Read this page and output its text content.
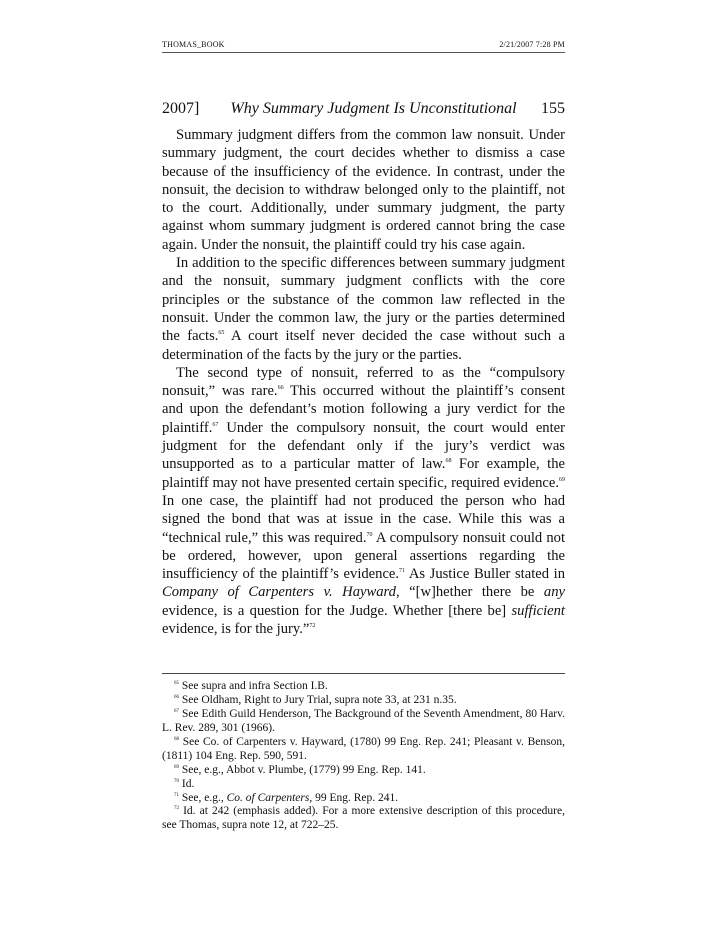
THOMAS_BOOK	2/21/2007 7:28 PM
2007]	Why Summary Judgment Is Unconstitutional	155

Summary judgment differs from the common law nonsuit. Under summary judgment, the court decides whether to dismiss a case because of the insufficiency of the evidence. In contrast, under the nonsuit, the decision to withdraw belonged only to the plaintiff, not to the court. Additionally, under summary judgment, the party against whom summary judgment is ordered cannot bring the case again. Under the nonsuit, the plaintiff could try his case again.

In addition to the specific differences between summary judgment and the nonsuit, summary judgment conflicts with the core principles or the substance of the common law reflected in the nonsuit. Under the common law, the jury or the parties determined the facts.$^{65}$ A court itself never decided the case without such a determination of the facts by the jury or the parties.

The second type of nonsuit, referred to as the “compulsory nonsuit,” was rare.$^{66}$ This occurred without the plaintiff’s consent and upon the defendant’s motion following a jury verdict for the plaintiff.$^{67}$ Under the compulsory nonsuit, the court would enter judgment for the defendant only if the jury’s verdict was unsupported as to a particular matter of law.$^{68}$ For example, the plaintiff may not have presented certain specific, required evidence.$^{69}$ In one case, the plaintiff had not produced the person who had signed the bond that was at issue in the case. While this was a “technical rule,” this was required.$^{70}$ A compulsory nonsuit could not be ordered, however, upon general assertions regarding the insufficiency of the plaintiff’s evidence.$^{71}$ As Justice Buller stated in Company of Carpenters v. Hayward, “[w]hether there be any evidence, is a question for the Judge. Whether [there be] sufficient evidence, is for the jury.”$^{72}$

$^{65}$ See supra and infra Section I.B.

$^{66}$ See Oldham, Right to Jury Trial, supra note 33, at 231 n.35.

$^{67}$ See Edith Guild Henderson, The Background of the Seventh Amendment, 80 Harv. L. Rev. 289, 301 (1966).

$^{68}$ See Co. of Carpenters v. Hayward, (1780) 99 Eng. Rep. 241; Pleasant v. Benson, (1811) 104 Eng. Rep. 590, 591.

$^{69}$ See, e.g., Abbot v. Plumbe, (1779) 99 Eng. Rep. 141.

$^{70}$ Id.

$^{71}$ See, e.g., Co. of Carpenters, 99 Eng. Rep. 241.

$^{72}$ Id. at 242 (emphasis added). For a more extensive description of this procedure, see Thomas, supra note 12, at 722–25.
